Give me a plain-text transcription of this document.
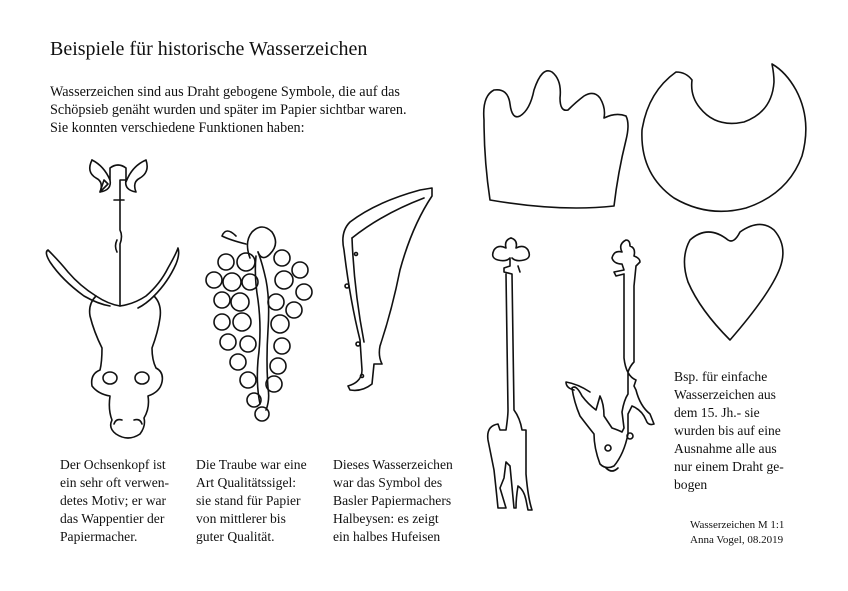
Beispiele für historische Wasserzeichen
Wasserzeichen sind aus Draht gebogene Symbole, die auf das
Schöpsieb genäht wurden und später im Papier sichtbar waren.
Sie konnten verschiedene Funktionen haben:

Der Ochsenkopf ist
ein sehr oft verwen-
detes Motiv; er war
das Wappentier der
Papiermacher.

Die Traube war eine
Art Qualitätssigel:
sie stand für Papier
von mittlerer bis
guter Qualität.

Dieses Wasserzeichen
war das Symbol des
Basler Papiermachers
Halbeysen: es zeigt
ein halbes Hufeisen

Bsp. für einfache
Wasserzeichen aus
dem 15. Jh.- sie
wurden bis auf eine
Ausnahme alle aus
nur einem Draht ge-
bogen

Wasserzeichen M 1:1
Anna Vogel, 08.2019
